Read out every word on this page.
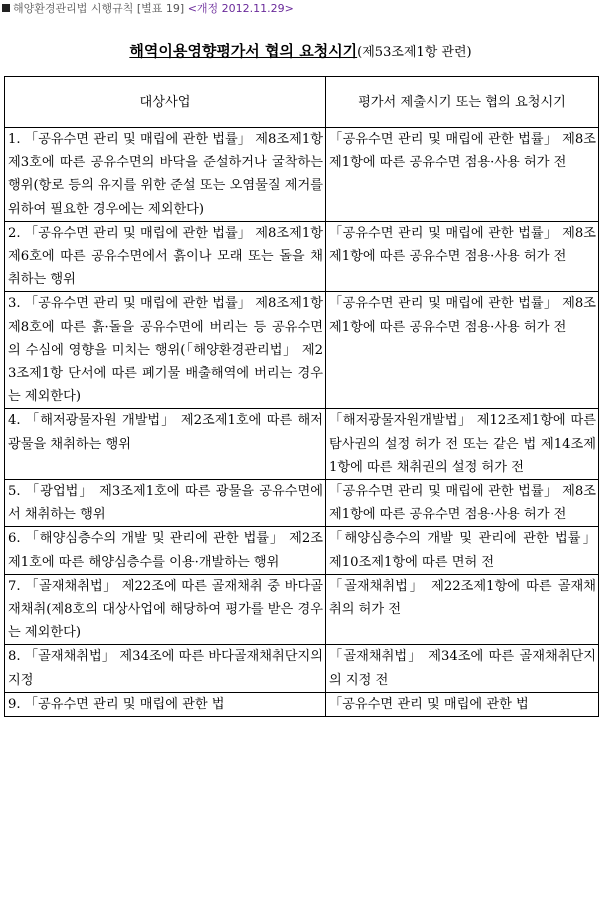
해양환경관리법 시행규칙 [별표 19] <개정 2012.11.29>
해역이용영향평가서 협의 요청시기(제53조제1항 관련)
대상사업	평가서 제출시기 또는 협의 요청시기
1. 「공유수면 관리 및 매립에 관한 법률」 제8조제1항제3호에 따른 공유수면의 바닥을 준설하거나 굴착하는 행위(항로 등의 유지를 위한 준설 또는 오염물질 제거를 위하여 필요한 경우에는 제외한다)	「공유수면 관리 및 매립에 관한 법률」 제8조제1항에 따른 공유수면 점용·사용 허가 전
2. 「공유수면 관리 및 매립에 관한 법률」 제8조제1항제6호에 따른 공유수면에서 흙이나 모래 또는 돌을 채취하는 행위	「공유수면 관리 및 매립에 관한 법률」 제8조제1항에 따른 공유수면 점용·사용 허가 전
3. 「공유수면 관리 및 매립에 관한 법률」 제8조제1항제8호에 따른 흙·돌을 공유수면에 버리는 등 공유수면의 수심에 영향을 미치는 행위(「해양환경관리법」 제23조제1항 단서에 따른 폐기물 배출해역에 버리는 경우는 제외한다)	「공유수면 관리 및 매립에 관한 법률」 제8조제1항에 따른 공유수면 점용·사용 허가 전
4. 「해저광물자원 개발법」 제2조제1호에 따른 해저광물을 채취하는 행위	「해저광물자원개발법」 제12조제1항에 따른 탐사권의 설정 허가 전 또는 같은 법 제14조제1항에 따른 채취권의 설정 허가 전
5. 「광업법」 제3조제1호에 따른 광물을 공유수면에서 채취하는 행위	「공유수면 관리 및 매립에 관한 법률」 제8조제1항에 따른 공유수면 점용·사용 허가 전
6. 「해양심층수의 개발 및 관리에 관한 법률」 제2조제1호에 따른 해양심층수를 이용·개발하는 행위	「해양심층수의 개발 및 관리에 관한 법률」 제10조제1항에 따른 면허 전
7. 「골재채취법」 제22조에 따른 골재채취 중 바다골재채취(제8호의 대상사업에 해당하여 평가를 받은 경우는 제외한다)	「골재채취법」 제22조제1항에 따른 골재채취의 허가 전
8. 「골재채취법」 제34조에 따른 바다골재채취단지의 지정	「골재채취법」 제34조에 따른 골재채취단지의 지정 전
9. 「공유수면 관리 및 매립에 관한 법	「공유수면 관리 및 매립에 관한 법
